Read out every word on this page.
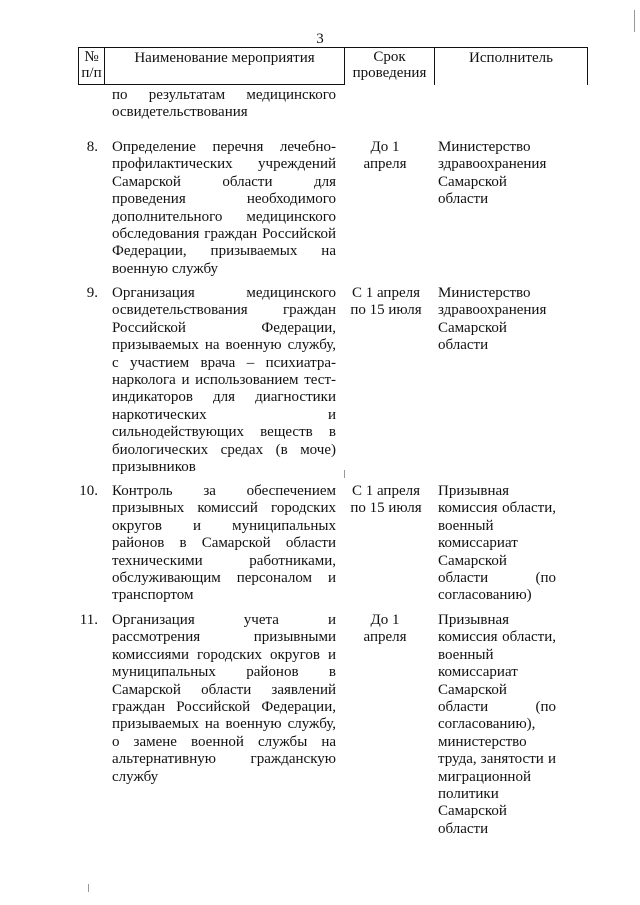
3
№ п/п
Наименование мероприятия	Срок проведения
Исполнитель
по результатам медицинского освидетельствования
8. Определение перечня лечебно-профилактических учреждений Самарской области для проведения необходимого дополнительного медицинского обследования граждан Российской Федерации, призываемых на военную службу
До 1 апреля
Министерство здравоохранения Самарской области
9. Организация медицинского освидетельствования граждан Российской Федерации, призываемых на военную службу, с участием врача – психиатра-нарколога и использованием тест-индикаторов для диагностики наркотических и сильнодействующих веществ в биологических средах (в моче) призывников
С 1 апреля по 15 июля
Министерство здравоохранения Самарской области
10. Контроль за обеспечением призывных комиссий городских округов и муниципальных районов в Самарской области техническими работниками, обслуживающим персоналом и транспортом
С 1 апреля по 15 июля
Призывная комиссия области, военный комиссариат Самарской области (по согласованию)
11. Организация учета и рассмотрения призывными комиссиями городских округов и муниципальных районов в Самарской области заявлений граждан Российской Федерации, призываемых на военную службу, о замене военной службы на альтернативную гражданскую службу
До 1 апреля
Призывная комиссия области, военный комиссариат Самарской области (по согласованию), министерство труда, занятости и миграционной политики Самарской области
